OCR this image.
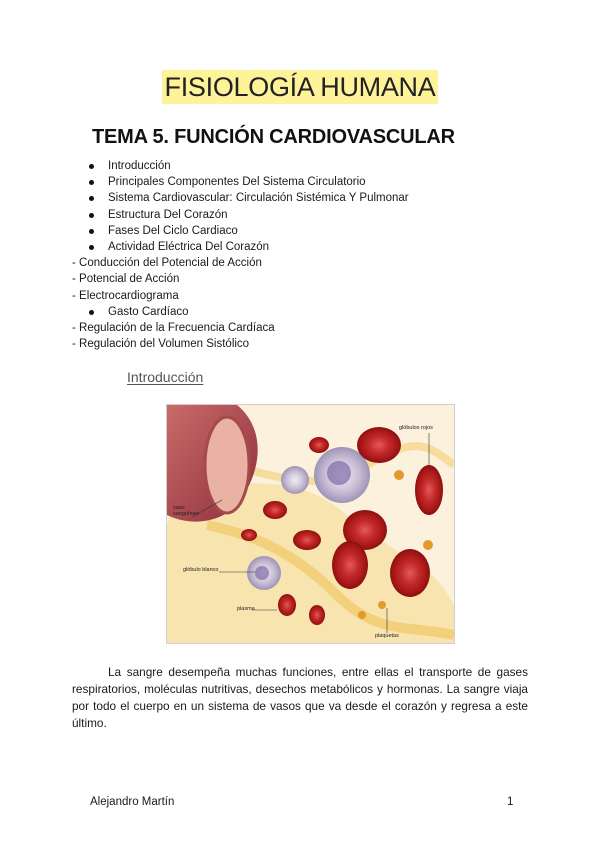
FISIOLOGÍA HUMANA
TEMA 5. FUNCIÓN CARDIOVASCULAR
Introducción
Principales Componentes Del Sistema Circulatorio
Sistema Cardiovascular: Circulación Sistémica Y Pulmonar
Estructura Del Corazón
Fases Del Ciclo Cardiaco
Actividad Eléctrica Del Corazón
- Conducción del Potencial de Acción
- Potencial de Acción
- Electrocardiograma
Gasto Cardíaco
- Regulación de la Frecuencia Cardíaca
- Regulación del Volumen Sistólico
Introducción
glóbulos rojos
vaso sanguíneo
glóbulo blanco
plasma
plaquetas
La sangre desempeña muchas funciones, entre ellas el transporte de gases respiratorios, moléculas nutritivas, desechos metabólicos y hormonas. La sangre viaja por todo el cuerpo en un sistema de vasos que va desde el corazón y regresa a este último.
Alejandro Martín	1
